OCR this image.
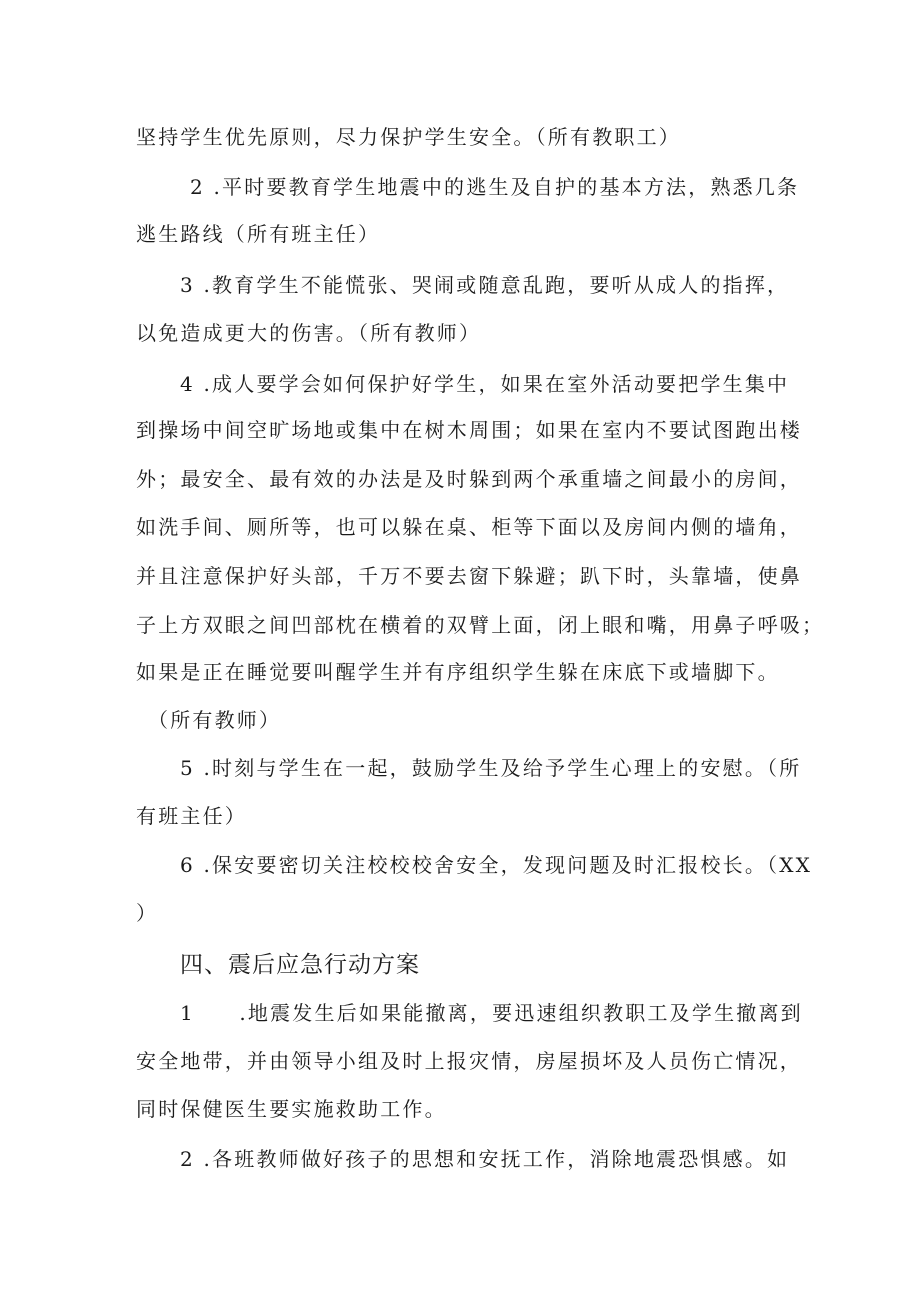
坚持学生优先原则，尽力保护学生安全。（所有教职工）
2 .平时要教育学生地震中的逃生及自护的基本方法，熟悉几条
逃生路线（所有班主任）
3 .教育学生不能慌张、哭闹或随意乱跑，要听从成人的指挥，
以免造成更大的伤害。（所有教师）
4 .成人要学会如何保护好学生，如果在室外活动要把学生集中
到操场中间空旷场地或集中在树木周围；如果在室内不要试图跑出楼
外；最安全、最有效的办法是及时躲到两个承重墙之间最小的房间，
如洗手间、厕所等，也可以躲在桌、柜等下面以及房间内侧的墙角，
并且注意保护好头部，千万不要去窗下躲避；趴下时，头靠墙，使鼻
子上方双眼之间凹部枕在横着的双臂上面，闭上眼和嘴，用鼻子呼吸；
如果是正在睡觉要叫醒学生并有序组织学生躲在床底下或墙脚下。
（所有教师）
5 .时刻与学生在一起，鼓励学生及给予学生心理上的安慰。（所
有班主任）
6 .保安要密切关注校校校舍安全，发现问题及时汇报校长。（XX
）
四、震后应急行动方案
1　　.地震发生后如果能撤离，要迅速组织教职工及学生撤离到
安全地带，并由领导小组及时上报灾情，房屋损坏及人员伤亡情况，
同时保健医生要实施救助工作。
2 .各班教师做好孩子的思想和安抚工作，消除地震恐惧感。如
